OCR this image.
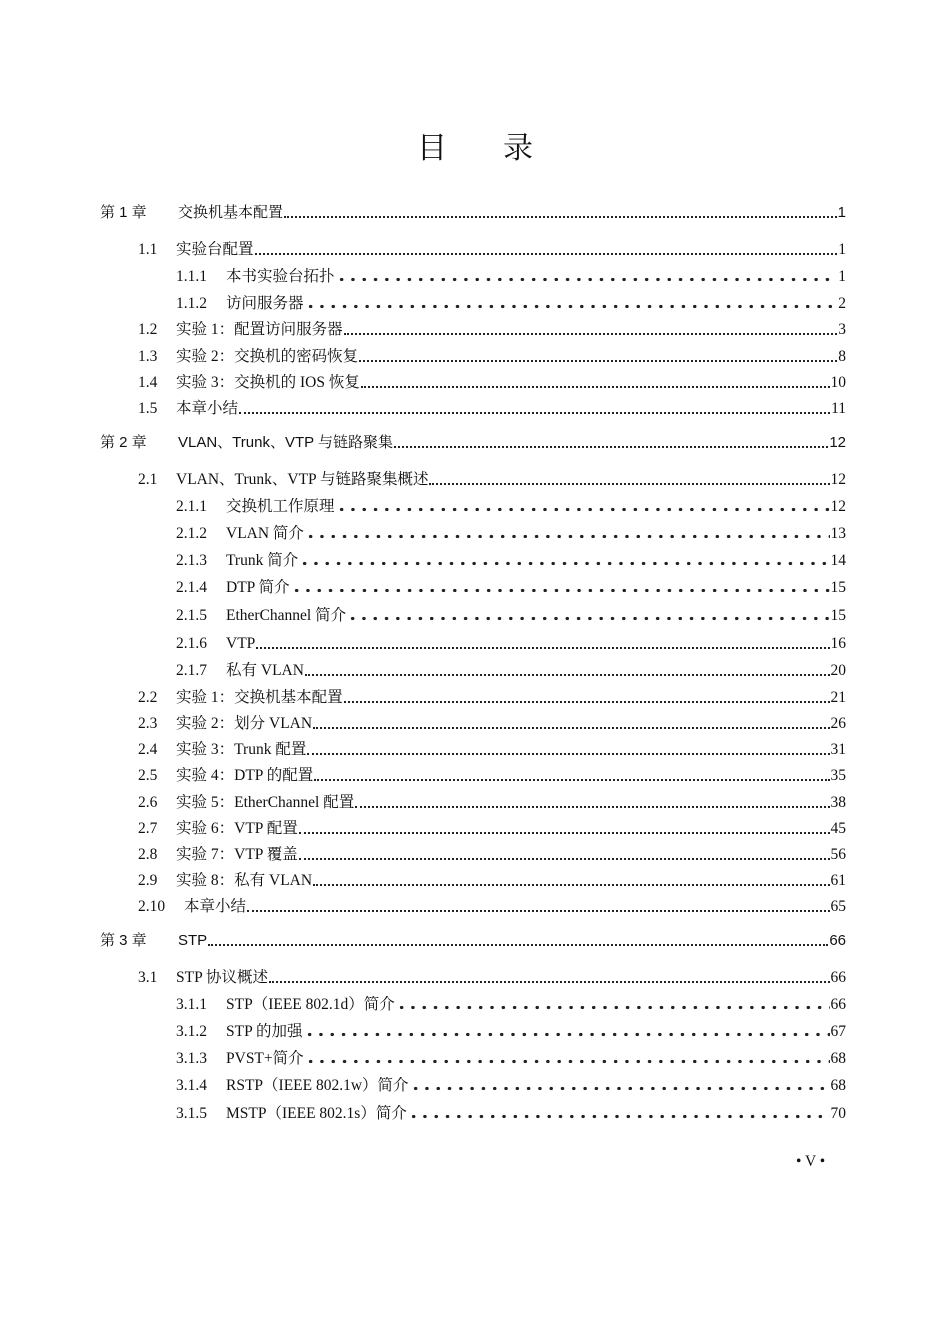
目录
第 1 章	交换机基本配置	1
1.1	实验台配置	1
1.1.1	本书实验台拓扑	1
1.1.2	访问服务器	2
1.2	实验 1：配置访问服务器	3
1.3	实验 2：交换机的密码恢复	8
1.4	实验 3：交换机的 IOS 恢复	10
1.5	本章小结	11
第 2 章	VLAN、Trunk、VTP 与链路聚集	12
2.1	VLAN、Trunk、VTP 与链路聚集概述	12
2.1.1	交换机工作原理	12
2.1.2	VLAN 简介	13
2.1.3	Trunk 简介	14
2.1.4	DTP 简介	15
2.1.5	EtherChannel 简介	15
2.1.6	VTP	16
2.1.7	私有 VLAN	20
2.2	实验 1：交换机基本配置	21
2.3	实验 2：划分 VLAN	26
2.4	实验 3：Trunk 配置	31
2.5	实验 4：DTP 的配置	35
2.6	实验 5：EtherChannel 配置	38
2.7	实验 6：VTP 配置	45
2.8	实验 7：VTP 覆盖	56
2.9	实验 8：私有 VLAN	61
2.10	本章小结	65
第 3 章	STP	66
3.1	STP 协议概述	66
3.1.1	STP（IEEE 802.1d）简介	66
3.1.2	STP 的加强	67
3.1.3	PVST+简介	68
3.1.4	RSTP（IEEE 802.1w）简介	68
3.1.5	MSTP（IEEE 802.1s）简介	70
• V •
